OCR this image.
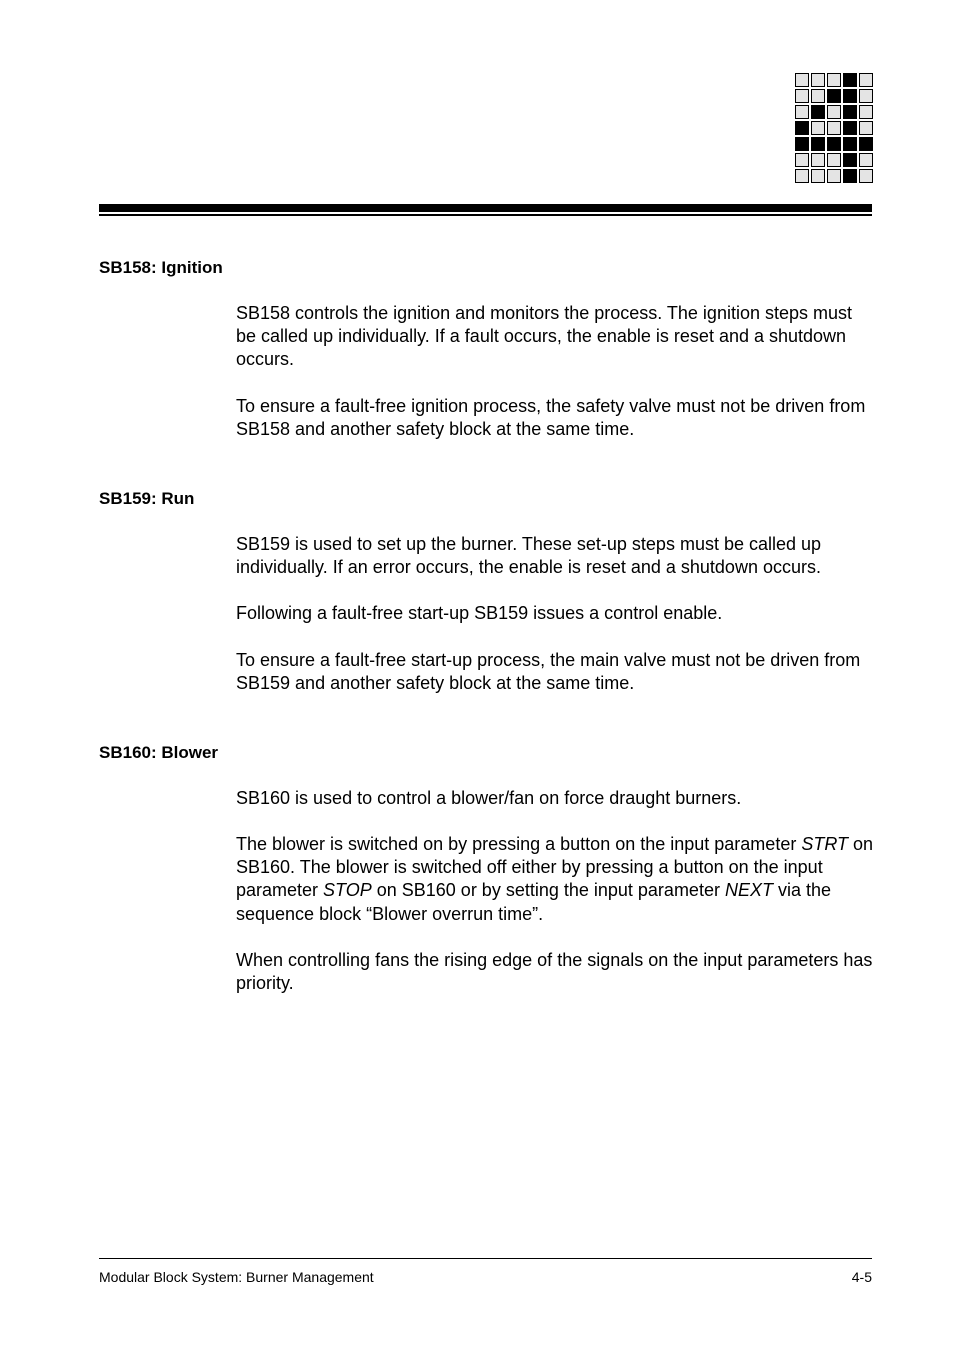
SB158: Ignition

SB158 controls the ignition and monitors the process. The ignition steps must be called up individually. If a fault occurs, the enable is reset and a shutdown occurs.

To ensure a fault-free ignition process, the safety valve must not be driven from SB158 and another safety block at the same time.

SB159: Run

SB159 is used to set up the burner. These set-up steps must be called up individually. If an error occurs, the enable is reset and a shutdown occurs.

Following a fault-free start-up SB159 issues a control enable.

To ensure a fault-free start-up process, the main valve must not be driven from SB159 and another safety block at the same time.

SB160: Blower

SB160 is used to control a blower/fan on force draught burners.

The blower is switched on by pressing a button on the input parameter STRT on SB160. The blower is switched off either by pressing a button on the input parameter STOP on SB160 or by setting the input parameter NEXT via the sequence block “Blower overrun time”.

When controlling fans the rising edge of the signals on the input parameters has priority.

Modular Block System: Burner Management	4-5
